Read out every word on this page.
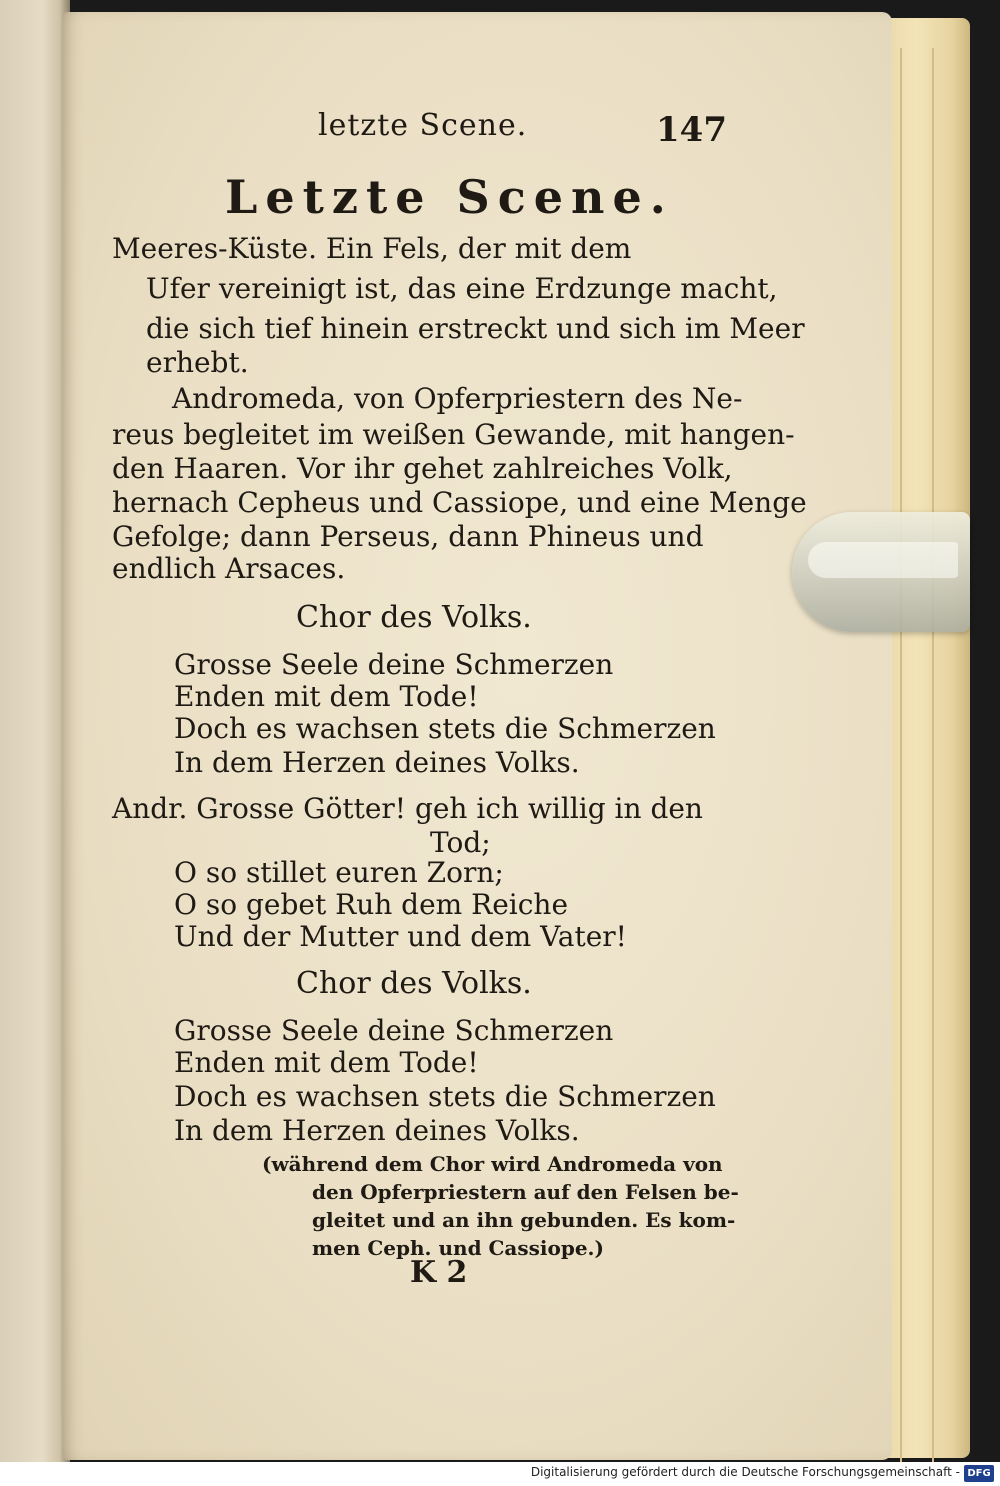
letzte Scene.	147
Letzte Scene.
Meeres-Küste. Ein Fels, der mit dem
Ufer vereinigt ist, das eine Erdzunge macht,
die sich tief hinein erstreckt und sich im Meer
erhebt.
Andromeda, von Opferpriestern des Ne-
reus begleitet im weißen Gewande, mit hangen-
den Haaren. Vor ihr gehet zahlreiches Volk,
hernach Cepheus und Cassiope, und eine Menge
Gefolge; dann Perseus, dann Phineus und
endlich Arsaces.
Chor des Volks.
Grosse Seele deine Schmerzen
Enden mit dem Tode!
Doch es wachsen stets die Schmerzen
In dem Herzen deines Volks.
Andr. Grosse Götter! geh ich willig in den
Tod;
O so stillet euren Zorn;
O so gebet Ruh dem Reiche
Und der Mutter und dem Vater!
Chor des Volks.
Grosse Seele deine Schmerzen
Enden mit dem Tode!
Doch es wachsen stets die Schmerzen
In dem Herzen deines Volks.
(während dem Chor wird Andromeda von
den Opferpriestern auf den Felsen be-
gleitet und an ihn gebunden. Es kom-
men Ceph. und Cassiope.)
K 2
Digitalisierung gefördert durch die Deutsche Forschungsgemeinschaft - DFG
